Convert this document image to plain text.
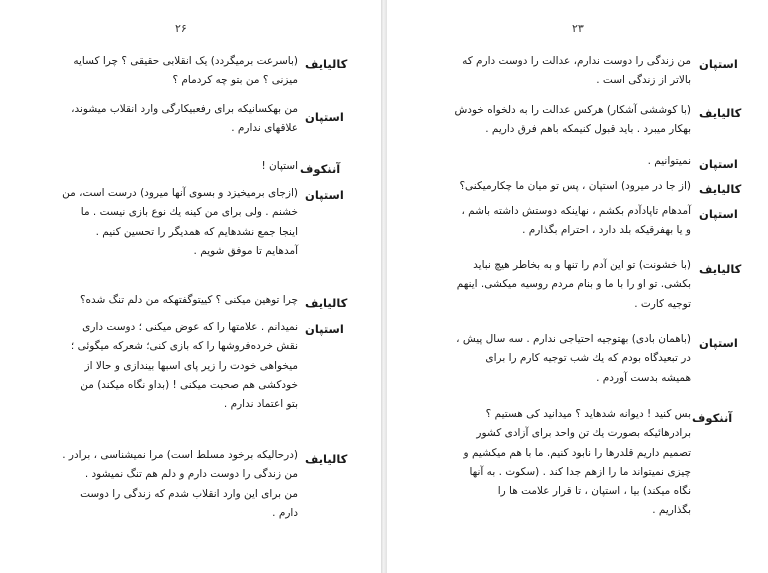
۲۶
کالیایف
(باسرعت برمیگردد) یک انقلابی حقیقی ؟ چرا کسایه
میزنی ؟ من بتو چه کردمام ؟
استپان
من بهکسانیکه برای رفعبیکارگی وارد انقلاب میشوند،
علاقهای ندارم .
آننکوف
استپان !
استپان
(ازجای برمیخیزد و بسوی آنها میرود) درست است، من
خشنم . ولی برای من کینه یك نوع بازی نیست . ما
اینجا جمع نشدهایم که همدیگر را تحسین کنیم .
آمدهایم تا موفق شویم .
کالیایف
چرا توهین میکنی ؟ کییتوگفتهکه من دلم تنگ شده؟
استپان
نمیدانم . علامتها را که عوض میکنی ؛ دوست داری
نقش خرده‌فروشها را که بازی کنی؛ شعرکه میگوئی ؛
میخواهی خودت را زیر پای اسبها بیندازی و حالا از
خودکشی هم صحبت میکنی ! (بداو نگاه میکند) من
بتو اعتماد ندارم .
کالیایف
(درحالیکه برخود مسلط است) مرا نمیشناسی ، برادر .
من زندگی را دوست دارم و دلم هم تنگ نمیشود .
من برای این وارد انقلاب شدم که زندگی را دوست
دارم .
۲۳
استپان
من زندگی را دوست ندارم، عدالت را دوست دارم که
بالاتر از زندگی است .
کالیایف
(با کوششی آشکار) هرکس عدالت را به دلخواه خودش
بهکار میبرد . باید قبول کنیمکه باهم فرق داریم .
استپان
نمیتوانیم .
کالیایف
(از جا در میرود) استپان ، پس تو میان ما چکارمیکنی؟
استپان
آمدهام تاپادآدم بکشم ، نهاینکه دوستش داشته باشم ،
و یا بهفرقیکه بلد دارد ، احترام بگذارم .
کالیایف
(با خشونت) تو این آدم را تنها و به بخاطر هیچ نباید
بکشی. تو او را با ما و بنام مردم روسیه میکشی. اینهم
توجیه کارت .
استپان
(باهمان بادی) بهتوجیه احتیاجی ندارم . سه سال پیش ،
در تبعیدگاه بودم که یك شب توجیه کارم را برای
همیشه بدست آوردم .
آننکوف
بس کنید ! دیوانه شدهاید ؟ میدانید کی هستیم ؟
برادرهائیکه بصورت یك تن واحد برای آزادی کشور
تصمیم داریم قلدرها را نابود کنیم. ما با هم میکشیم و
چیزی نمیتواند ما را ازهم جدا کند . (سکوت . به آنها
نگاه میکند) بیا ، استپان ، تا قرار علامت ها را
بگذاریم .
